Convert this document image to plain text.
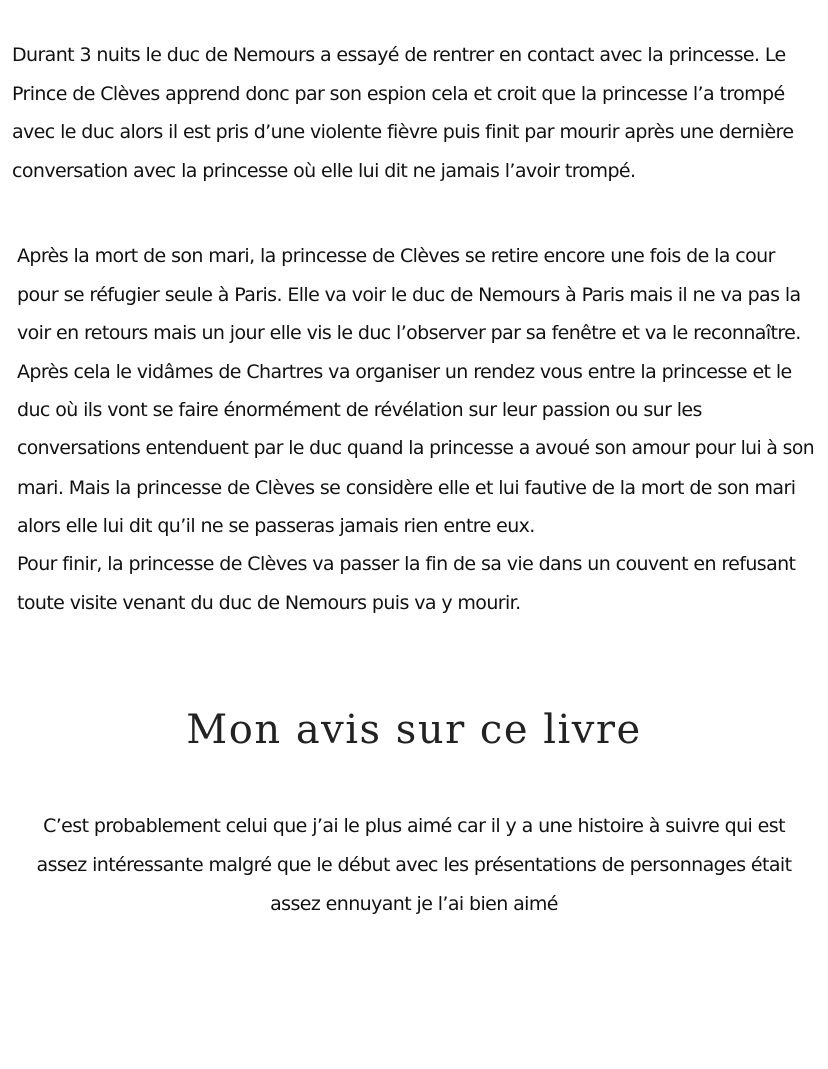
Durant 3 nuits le duc de Nemours a essayé de rentrer en contact avec la princesse. Le
Prince de Clèves apprend donc par son espion cela et croit que la princesse l’a trompé
avec le duc alors il est pris d’une violente fièvre puis finit par mourir après une dernière
conversation avec la princesse où elle lui dit ne jamais l’avoir trompé.

Après la mort de son mari, la princesse de Clèves se retire encore une fois de la cour
pour se réfugier seule à Paris. Elle va voir le duc de Nemours à Paris mais il ne va pas la
voir en retours mais un jour elle vis le duc l’observer par sa fenêtre et va le reconnaître.
Après cela le vidâmes de Chartres va organiser un rendez vous entre la princesse et le
duc où ils vont se faire énormément de révélation sur leur passion ou sur les
conversations entenduent par le duc quand la princesse a avoué son amour pour lui à son
mari. Mais la princesse de Clèves se considère elle et lui fautive de la mort de son mari
alors elle lui dit qu’il ne se passeras jamais rien entre eux.

Pour finir, la princesse de Clèves va passer la fin de sa vie dans un couvent en refusant
toute visite venant du duc de Nemours puis va y mourir.

Mon avis sur ce livre

C’est probablement celui que j’ai le plus aimé car il y a une histoire à suivre qui est
assez intéressante malgré que le début avec les présentations de personnages était
assez ennuyant je l’ai bien aimé
